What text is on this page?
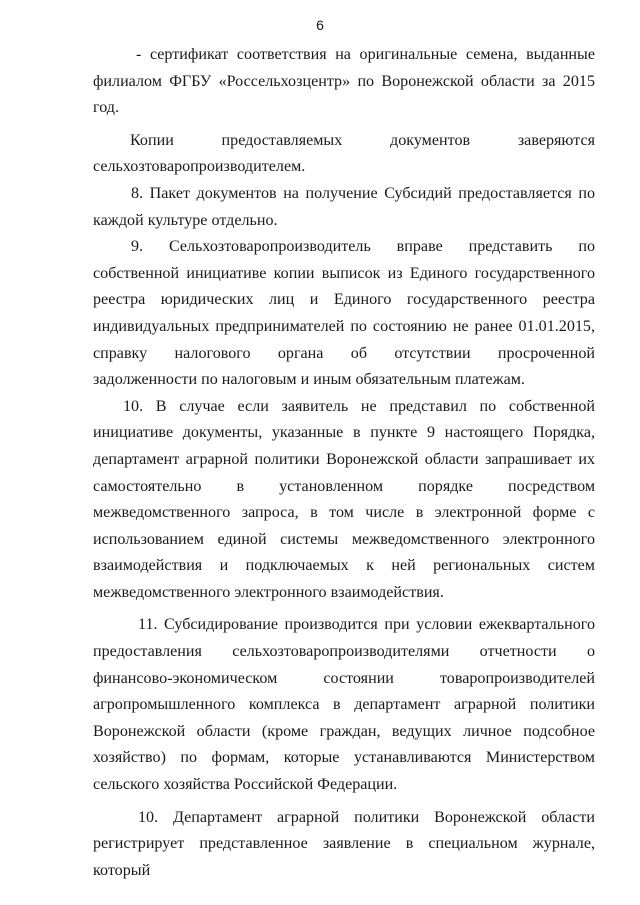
6
- сертификат соответствия на оригинальные семена, выданные
филиалом ФГБУ «Россельхозцентр» по Воронежской области за 2015
год.
Копии предоставляемых документов заверяются
сельхозтоваропроизводителем.
8. Пакет документов на получение Субсидий предоставляется по
каждой культуре отдельно.
9. Сельхозтоваропроизводитель вправе представить по
собственной инициативе копии выписок из Единого государственного
реестра юридических лиц и Единого государственного реестра
индивидуальных предпринимателей по состоянию не ранее 01.01.2015,
справку налогового органа об отсутствии просроченной
задолженности по налоговым и иным обязательным платежам.
10. В случае если заявитель не представил по собственной
инициативе документы, указанные в пункте 9 настоящего Порядка,
департамент аграрной политики Воронежской области запрашивает их
самостоятельно в установленном порядке посредством
межведомственного запроса, в том числе в электронной форме с
использованием единой системы межведомственного электронного
взаимодействия и подключаемых к ней региональных систем
межведомственного электронного взаимодействия.
11. Субсидирование производится при условии ежеквартального
предоставления сельхозтоваропроизводителями отчетности о
финансово-экономическом состоянии товаропроизводителей
агропромышленного комплекса в департамент аграрной политики
Воронежской области (кроме граждан, ведущих личное подсобное
хозяйство) по формам, которые устанавливаются Министерством
сельского хозяйства Российской Федерации.
10. Департамент аграрной политики Воронежской области
регистрирует представленное заявление в специальном журнале, который
